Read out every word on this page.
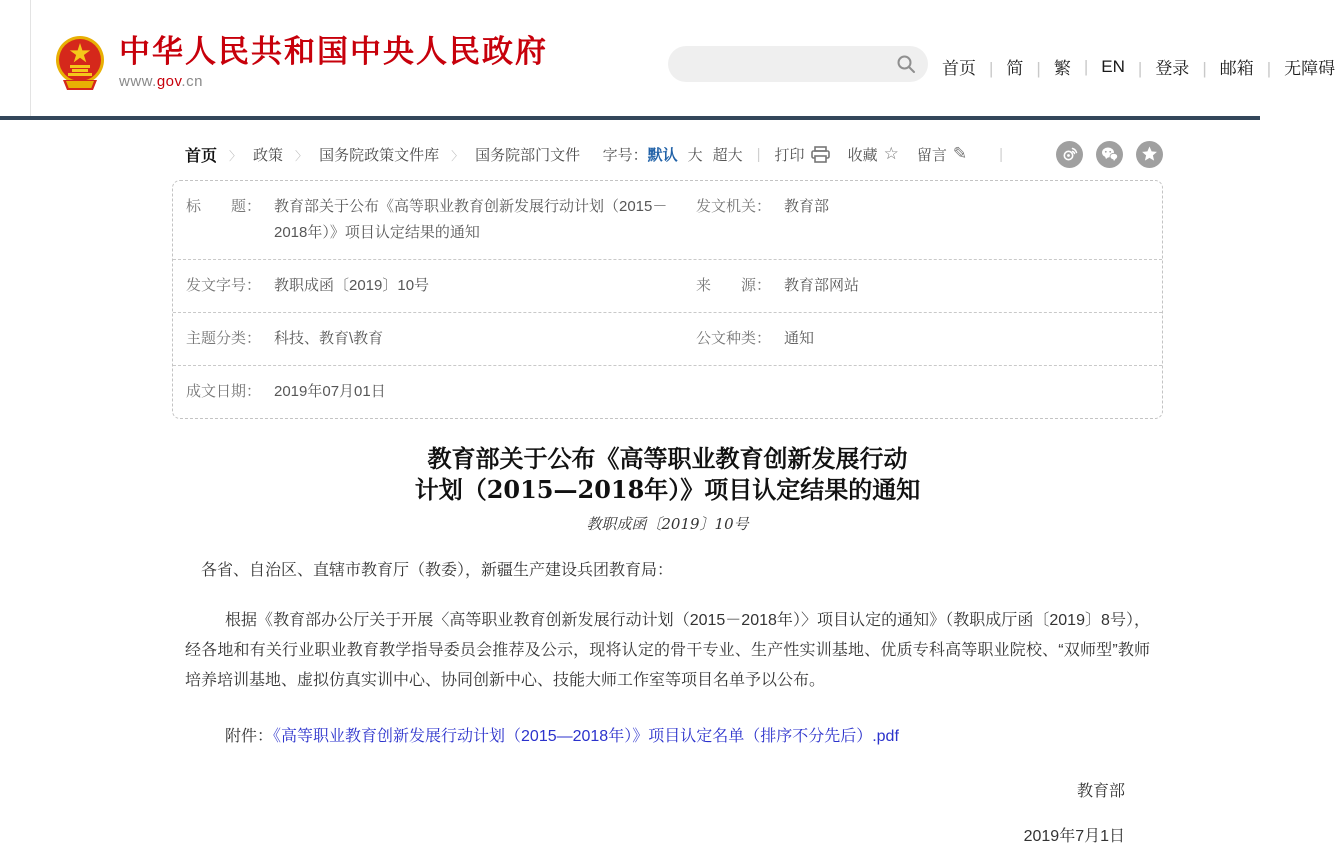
中华人民共和国中央人民政府
www.gov.cn
首页	| 简	| 繁	| EN	| 登录	| 邮箱	| 无障碍
首页	〉 政策	〉 国务院政策文件库	〉 国务院部门文件 字号： 默认 大 超大 | 打印	收藏 ☆ 留言 ✎ |
标　　题： 教育部关于公布《高等职业教育创新发展行动计划（2015－2018年）》项目认定结果的通知
发文机关： 教育部
发文字号： 教职成函〔2019〕10号	来　　源： 教育部网站
主题分类： 科技、教育\教育	公文种类： 通知
成文日期： 2019年07月01日
教育部关于公布《高等职业教育创新发展行动
计划（2015—2018年）》项目认定结果的通知
教职成函〔2019〕10号

各省、自治区、直辖市教育厅（教委），新疆生产建设兵团教育局：

根据《教育部办公厅关于开展〈高等职业教育创新发展行动计划（2015－2018年）〉项目认定的通知》（教职成厅函〔2019〕8号），经各地和有关行业职业教育教学指导委员会推荐及公示，现将认定的骨干专业、生产性实训基地、优质专科高等职业院校、“双师型”教师培养培训基地、虚拟仿真实训中心、协同创新中心、技能大师工作室等项目名单予以公布。

附件：《高等职业教育创新发展行动计划（2015—2018年）》项目认定名单（排序不分先后）.pdf

教育部
2019年7月1日
